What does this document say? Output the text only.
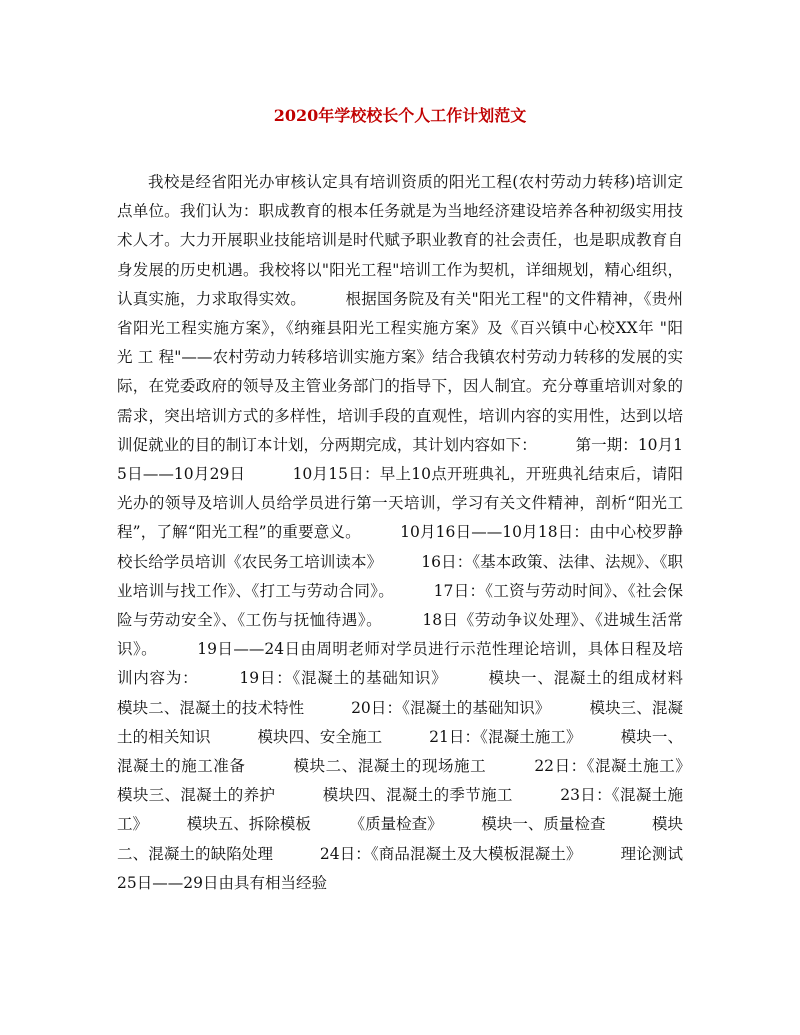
2020年学校校长个人工作计划范文
我校是经省阳光办审核认定具有培训资质的阳光工程(农村劳动力转移)培训定点单位。我们认为：职成教育的根本任务就是为当地经济建设培养各种初级实用技术人才。大力开展职业技能培训是时代赋予职业教育的社会责任，也是职成教育自身发展的历史机遇。我校将以"阳光工程"培训工作为契机，详细规划，精心组织，认真实施，力求取得实效。　　　根据国务院及有关"阳光工程"的文件精神，《贵州省阳光工程实施方案》，《纳雍县阳光工程实施方案》及《百兴镇中心校XX年 "阳 光 工 程"——农村劳动力转移培训实施方案》结合我镇农村劳动力转移的发展的实际，在党委政府的领导及主管业务部门的指导下，因人制宜。充分尊重培训对象的需求，突出培训方式的多样性，培训手段的直观性，培训内容的实用性，达到以培训促就业的目的制订本计划，分两期完成，其计划内容如下：　　　第一期：10月15日——10月29日　　　10月15日：早上10点开班典礼，开班典礼结束后，请阳光办的领导及培训人员给学员进行第一天培训，学习有关文件精神，剖析“阳光工程”，了解“阳光工程”的重要意义。　　　10月16日——10月18日：由中心校罗静校长给学员培训《农民务工培训读本》　　　16日：《基本政策、法律、法规》、《职业培训与找工作》、《打工与劳动合同》。　　　17日：《工资与劳动时间》、《社会保险与劳动安全》、《工伤与抚恤待遇》。　　　18日《劳动争议处理》、《进城生活常识》。　　　19日——24日由周明老师对学员进行示范性理论培训，具体日程及培训内容为：　　　19日：《混凝土的基础知识》　　　模块一、混凝土的组成材料　　　模块二、混凝土的技术特性　　　20日：《混凝土的基础知识》　　　模块三、混凝土的相关知识　　　模块四、安全施工　　　21日：《混凝土施工》　　　模块一、混凝土的施工准备　　　模块二、混凝土的现场施工　　　22日：《混凝土施工》　　　模块三、混凝土的养护　　　模块四、混凝土的季节施工　　　23日：《混凝土施工》　　　模块五、拆除模板　　　《质量检查》　　　模块一、质量检查　　　模块二、混凝土的缺陷处理　　　24日：《商品混凝土及大模板混凝土》　　　理论测试　　　25日——29日由具有相当经验
